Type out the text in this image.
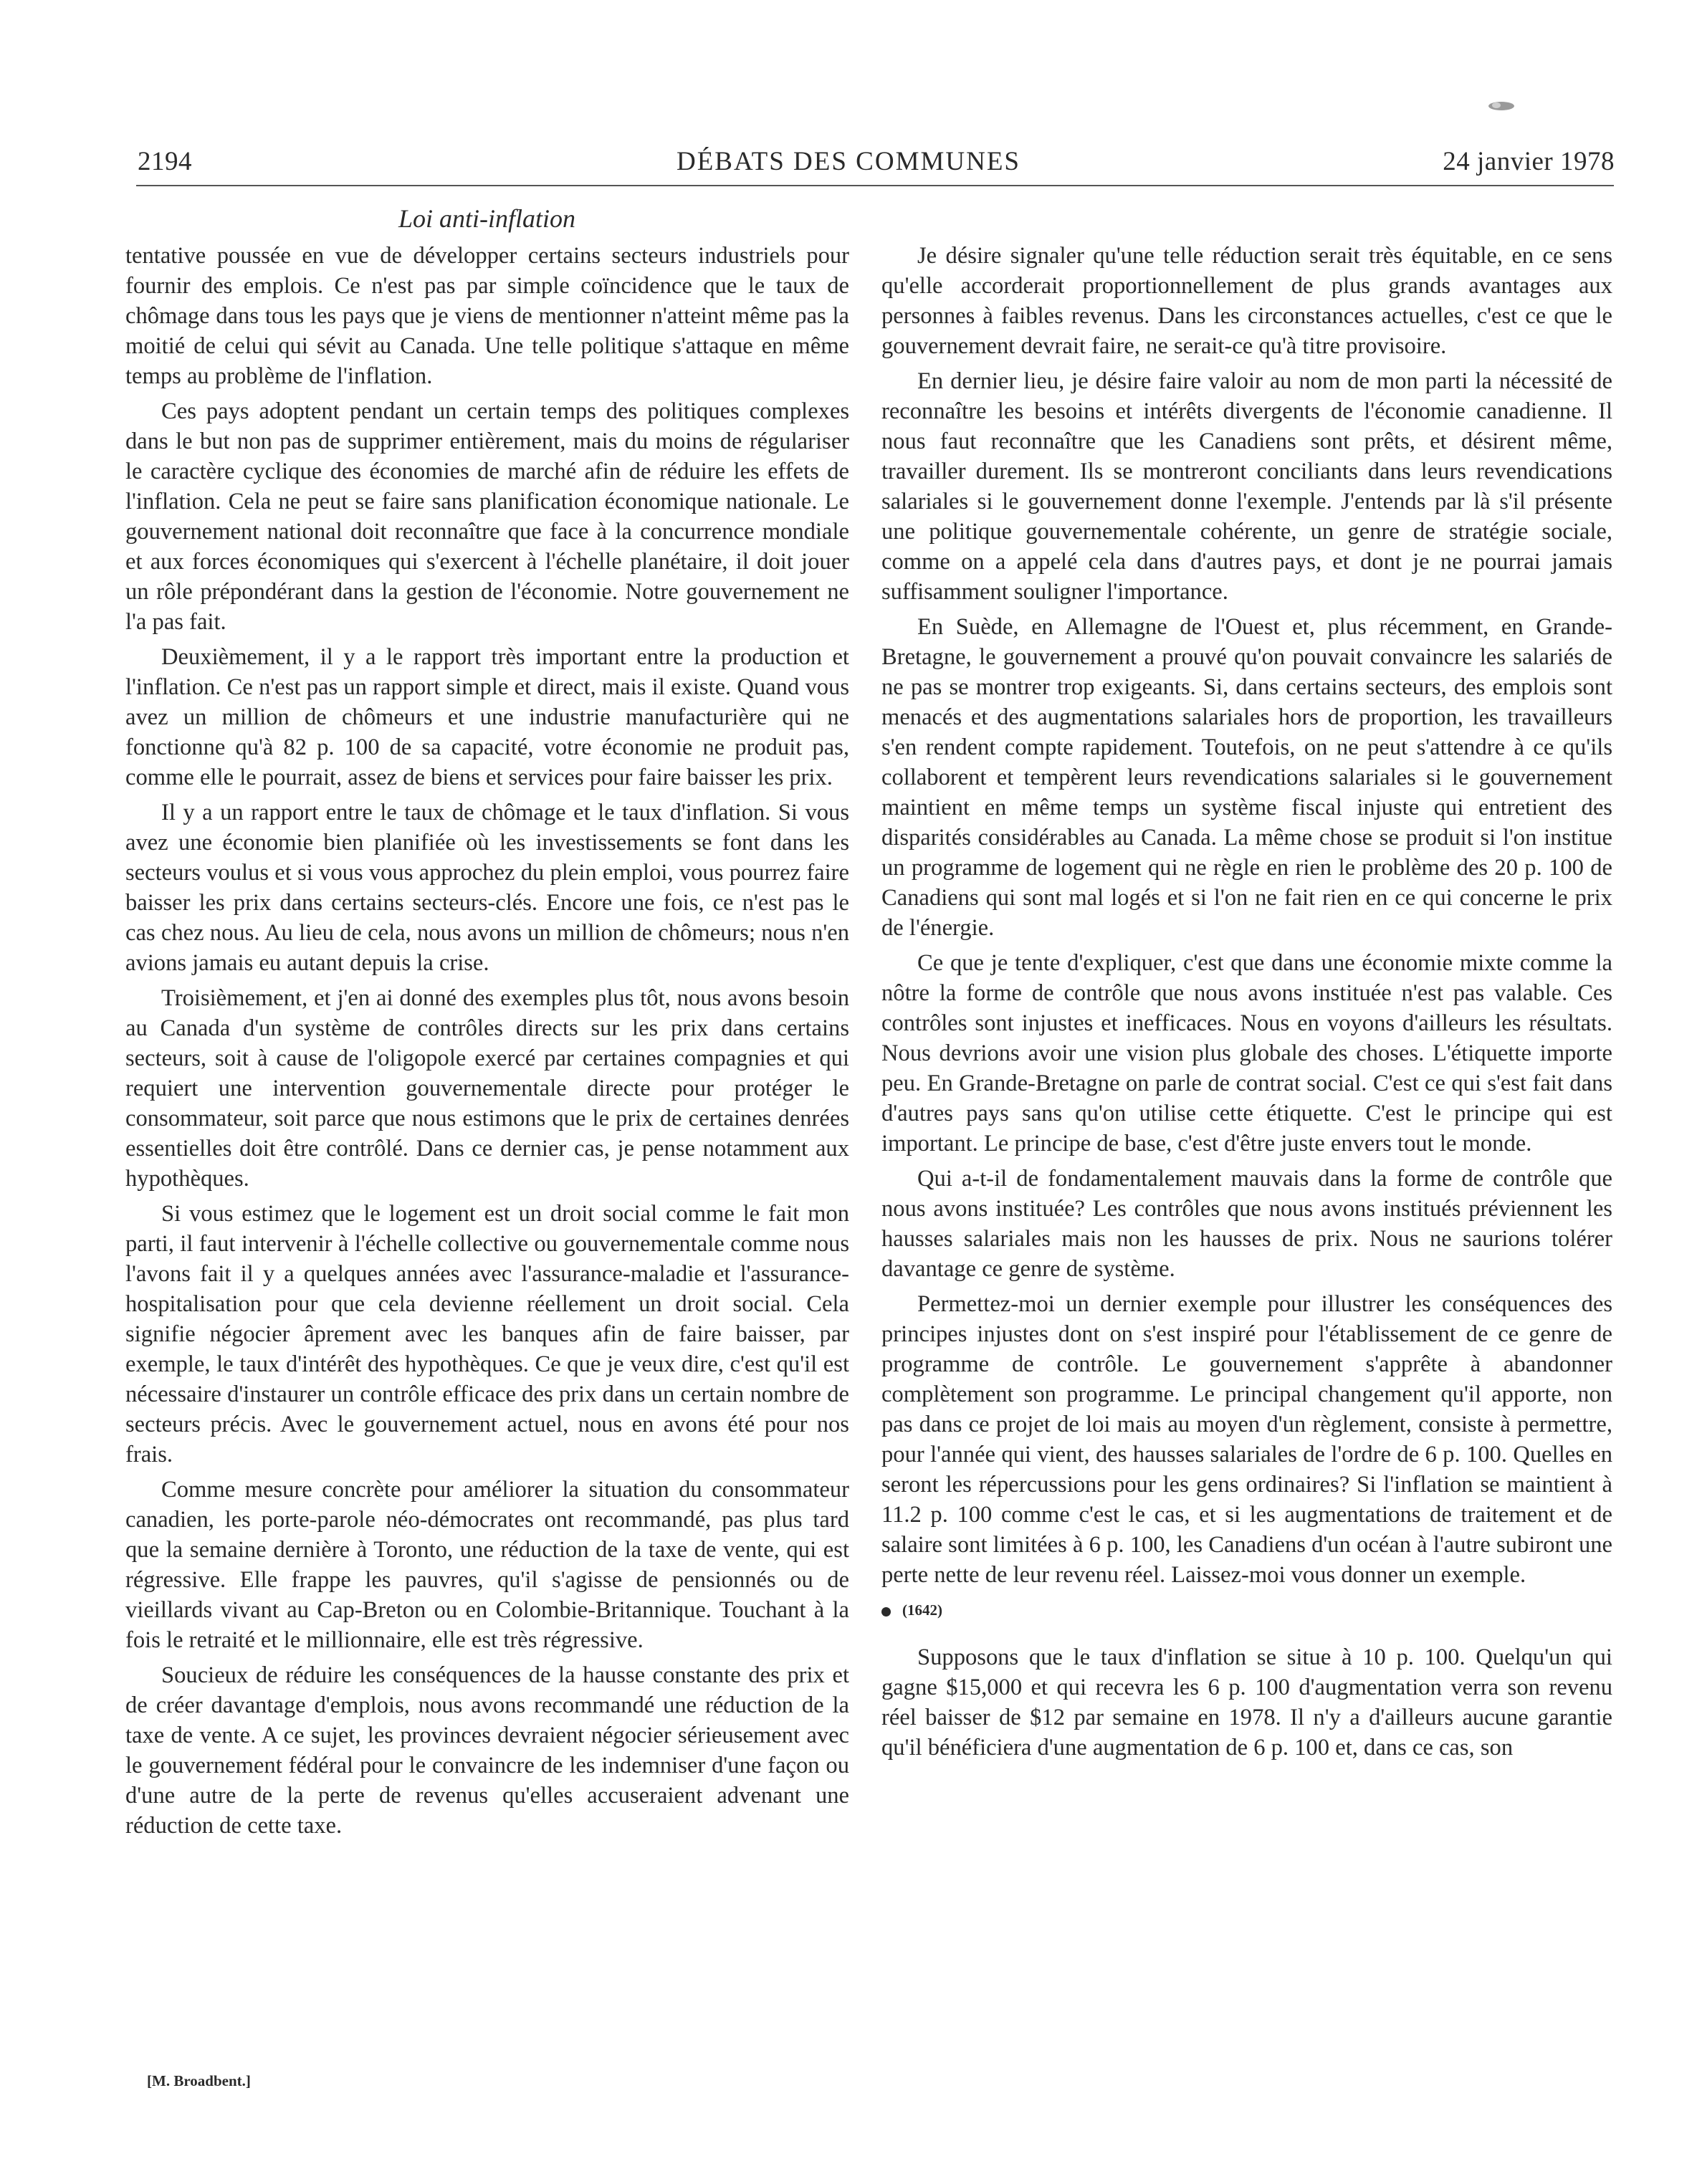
2194	DÉBATS DES COMMUNES	24 janvier 1978
Loi anti-inflation

tentative poussée en vue de développer certains secteurs industriels pour fournir des emplois. Ce n'est pas par simple coïncidence que le taux de chômage dans tous les pays que je viens de mentionner n'atteint même pas la moitié de celui qui sévit au Canada. Une telle politique s'attaque en même temps au problème de l'inflation.

Ces pays adoptent pendant un certain temps des politiques complexes dans le but non pas de supprimer entièrement, mais du moins de régulariser le caractère cyclique des économies de marché afin de réduire les effets de l'inflation. Cela ne peut se faire sans planification économique nationale. Le gouvernement national doit reconnaître que face à la concurrence mondiale et aux forces économiques qui s'exercent à l'échelle planétaire, il doit jouer un rôle prépondérant dans la gestion de l'économie. Notre gouvernement ne l'a pas fait.

Deuxièmement, il y a le rapport très important entre la production et l'inflation. Ce n'est pas un rapport simple et direct, mais il existe. Quand vous avez un million de chômeurs et une industrie manufacturière qui ne fonctionne qu'à 82 p. 100 de sa capacité, votre économie ne produit pas, comme elle le pourrait, assez de biens et services pour faire baisser les prix.

Il y a un rapport entre le taux de chômage et le taux d'inflation. Si vous avez une économie bien planifiée où les investissements se font dans les secteurs voulus et si vous vous approchez du plein emploi, vous pourrez faire baisser les prix dans certains secteurs-clés. Encore une fois, ce n'est pas le cas chez nous. Au lieu de cela, nous avons un million de chômeurs; nous n'en avions jamais eu autant depuis la crise.

Troisièmement, et j'en ai donné des exemples plus tôt, nous avons besoin au Canada d'un système de contrôles directs sur les prix dans certains secteurs, soit à cause de l'oligopole exercé par certaines compagnies et qui requiert une intervention gouvernementale directe pour protéger le consommateur, soit parce que nous estimons que le prix de certaines denrées essentielles doit être contrôlé. Dans ce dernier cas, je pense notamment aux hypothèques.

Si vous estimez que le logement est un droit social comme le fait mon parti, il faut intervenir à l'échelle collective ou gouvernementale comme nous l'avons fait il y a quelques années avec l'assurance-maladie et l'assurance-hospitalisation pour que cela devienne réellement un droit social. Cela signifie négocier âprement avec les banques afin de faire baisser, par exemple, le taux d'intérêt des hypothèques. Ce que je veux dire, c'est qu'il est nécessaire d'instaurer un contrôle efficace des prix dans un certain nombre de secteurs précis. Avec le gouvernement actuel, nous en avons été pour nos frais.

Comme mesure concrète pour améliorer la situation du consommateur canadien, les porte-parole néo-démocrates ont recommandé, pas plus tard que la semaine dernière à Toronto, une réduction de la taxe de vente, qui est régressive. Elle frappe les pauvres, qu'il s'agisse de pensionnés ou de vieillards vivant au Cap-Breton ou en Colombie-Britannique. Touchant à la fois le retraité et le millionnaire, elle est très régressive.

Soucieux de réduire les conséquences de la hausse constante des prix et de créer davantage d'emplois, nous avons recommandé une réduction de la taxe de vente. A ce sujet, les provinces devraient négocier sérieusement avec le gouvernement fédéral pour le convaincre de les indemniser d'une façon ou d'une autre de la perte de revenus qu'elles accuseraient advenant une réduction de cette taxe.

[M. Broadbent.]

Je désire signaler qu'une telle réduction serait très équitable, en ce sens qu'elle accorderait proportionnellement de plus grands avantages aux personnes à faibles revenus. Dans les circonstances actuelles, c'est ce que le gouvernement devrait faire, ne serait-ce qu'à titre provisoire.

En dernier lieu, je désire faire valoir au nom de mon parti la nécessité de reconnaître les besoins et intérêts divergents de l'économie canadienne. Il nous faut reconnaître que les Canadiens sont prêts, et désirent même, travailler durement. Ils se montreront conciliants dans leurs revendications salariales si le gouvernement donne l'exemple. J'entends par là s'il présente une politique gouvernementale cohérente, un genre de stratégie sociale, comme on a appelé cela dans d'autres pays, et dont je ne pourrai jamais suffisamment souligner l'importance.

En Suède, en Allemagne de l'Ouest et, plus récemment, en Grande-Bretagne, le gouvernement a prouvé qu'on pouvait convaincre les salariés de ne pas se montrer trop exigeants. Si, dans certains secteurs, des emplois sont menacés et des augmentations salariales hors de proportion, les travailleurs s'en rendent compte rapidement. Toutefois, on ne peut s'attendre à ce qu'ils collaborent et tempèrent leurs revendications salariales si le gouvernement maintient en même temps un système fiscal injuste qui entretient des disparités considérables au Canada. La même chose se produit si l'on institue un programme de logement qui ne règle en rien le problème des 20 p. 100 de Canadiens qui sont mal logés et si l'on ne fait rien en ce qui concerne le prix de l'énergie.

Ce que je tente d'expliquer, c'est que dans une économie mixte comme la nôtre la forme de contrôle que nous avons instituée n'est pas valable. Ces contrôles sont injustes et inefficaces. Nous en voyons d'ailleurs les résultats. Nous devrions avoir une vision plus globale des choses. L'étiquette importe peu. En Grande-Bretagne on parle de contrat social. C'est ce qui s'est fait dans d'autres pays sans qu'on utilise cette étiquette. C'est le principe qui est important. Le principe de base, c'est d'être juste envers tout le monde.

Qui a-t-il de fondamentalement mauvais dans la forme de contrôle que nous avons instituée? Les contrôles que nous avons institués préviennent les hausses salariales mais non les hausses de prix. Nous ne saurions tolérer davantage ce genre de système.

Permettez-moi un dernier exemple pour illustrer les conséquences des principes injustes dont on s'est inspiré pour l'établissement de ce genre de programme de contrôle. Le gouvernement s'apprête à abandonner complètement son programme. Le principal changement qu'il apporte, non pas dans ce projet de loi mais au moyen d'un règlement, consiste à permettre, pour l'année qui vient, des hausses salariales de l'ordre de 6 p. 100. Quelles en seront les répercussions pour les gens ordinaires? Si l'inflation se maintient à 11.2 p. 100 comme c'est le cas, et si les augmentations de traitement et de salaire sont limitées à 6 p. 100, les Canadiens d'un océan à l'autre subiront une perte nette de leur revenu réel. Laissez-moi vous donner un exemple.

(1642)

Supposons que le taux d'inflation se situe à 10 p. 100. Quelqu'un qui gagne $15,000 et qui recevra les 6 p. 100 d'augmentation verra son revenu réel baisser de $12 par semaine en 1978. Il n'y a d'ailleurs aucune garantie qu'il bénéficiera d'une augmentation de 6 p. 100 et, dans ce cas, son
